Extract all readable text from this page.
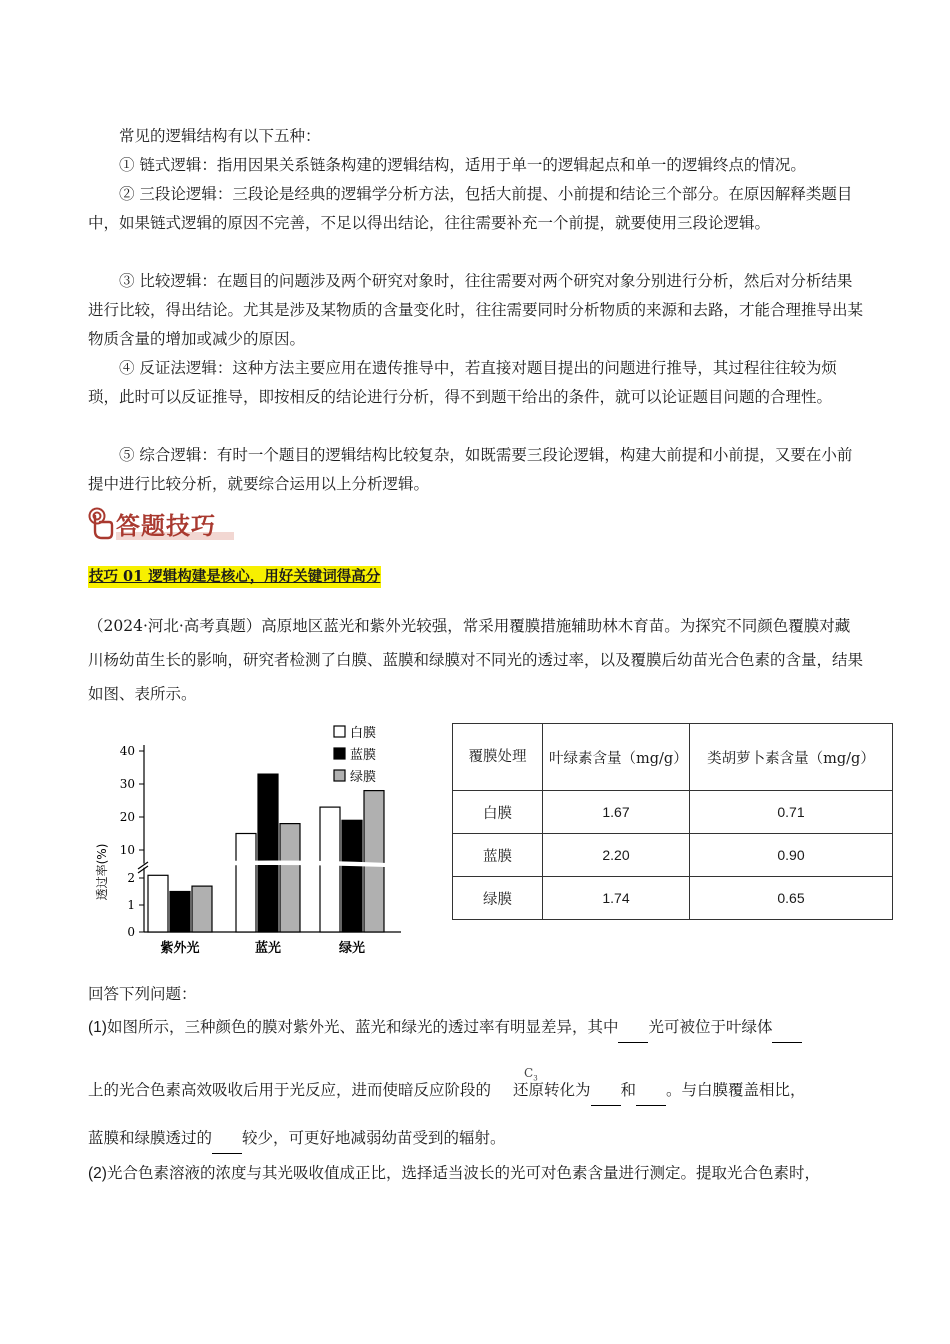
常见的逻辑结构有以下五种：

① 链式逻辑：指用因果关系链条构建的逻辑结构，适用于单一的逻辑起点和单一的逻辑终点的情况。

② 三段论逻辑：三段论是经典的逻辑学分析方法，包括大前提、小前提和结论三个部分。在原因解释类题目中，如果链式逻辑的原因不完善，不足以得出结论，往往需要补充一个前提，就要使用三段论逻辑。

③ 比较逻辑：在题目的问题涉及两个研究对象时，往往需要对两个研究对象分别进行分析，然后对分析结果进行比较，得出结论。尤其是涉及某物质的含量变化时，往往需要同时分析物质的来源和去路，才能合理推导出某物质含量的增加或减少的原因。

④ 反证法逻辑：这种方法主要应用在遗传推导中，若直接对题目提出的问题进行推导，其过程往往较为烦琐，此时可以反证推导，即按相反的结论进行分析，得不到题干给出的条件，就可以论证题目问题的合理性。

⑤ 综合逻辑：有时一个题目的逻辑结构比较复杂，如既需要三段论逻辑，构建大前提和小前提，又要在小前提中进行比较分析，就要综合运用以上分析逻辑。

答题技巧
技巧 01 逻辑构建是核心，用好关键词得高分

（2024·河北·高考真题）高原地区蓝光和紫外光较强，常采用覆膜措施辅助林木育苗。为探究不同颜色覆膜对藏川杨幼苗生长的影响，研究者检测了白膜、蓝膜和绿膜对不同光的透过率，以及覆膜后幼苗光合色素的含量，结果如图、表所示。

0
1
2
10
20
30
40
透过率(%)
紫外光	蓝光	绿光
白膜
蓝膜
绿膜
覆膜处理	叶绿素含量（mg/g）	类胡萝卜素含量（mg/g）
白膜	1.67	0.71
蓝膜	2.20	0.90
绿膜	1.74	0.65

回答下列问题：

(1)如图所示，三种颜色的膜对紫外光、蓝光和绿光的透过率有明显差异，其中 光可被位于叶绿体

$C_3$

上的光合色素高效吸收后用于光反应，进而使暗反应阶段的 还原转化为 和 。与白膜覆盖相比，

蓝膜和绿膜透过的 较少，可更好地减弱幼苗受到的辐射。

(2)光合色素溶液的浓度与其光吸收值成正比，选择适当波长的光可对色素含量进行测定。提取光合色素时，
